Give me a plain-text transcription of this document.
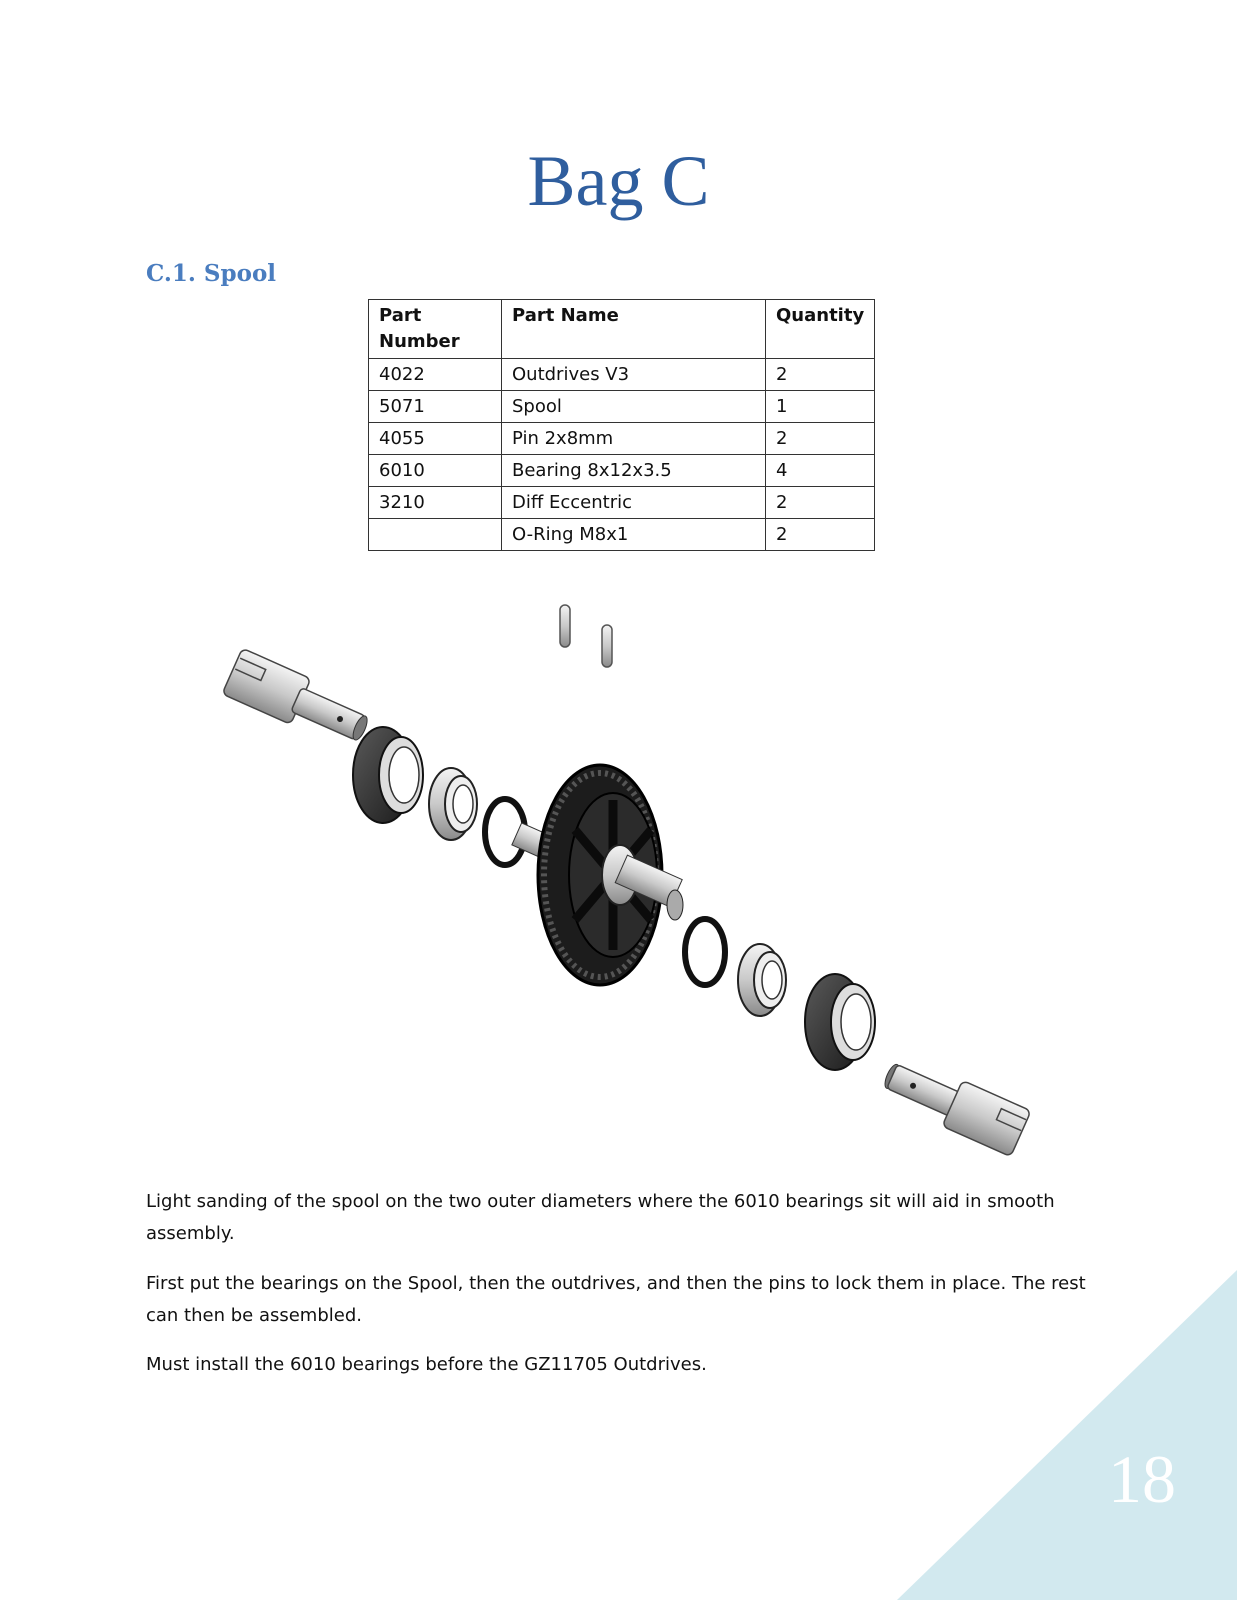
Bag C
C.1. Spool
Part
Number	Part Name	Quantity
4022	Outdrives V3	2
5071	Spool	1
4055	Pin 2x8mm	2
6010	Bearing 8x12x3.5	4
3210	Diff Eccentric	2
	O-Ring M8x1	2

Light sanding of the spool on the two outer diameters where the 6010 bearings sit will aid in smooth assembly.

First put the bearings on the Spool, then the outdrives, and then the pins to lock them in place. The rest can then be assembled.

Must install the 6010 bearings before the GZ11705 Outdrives.

18
